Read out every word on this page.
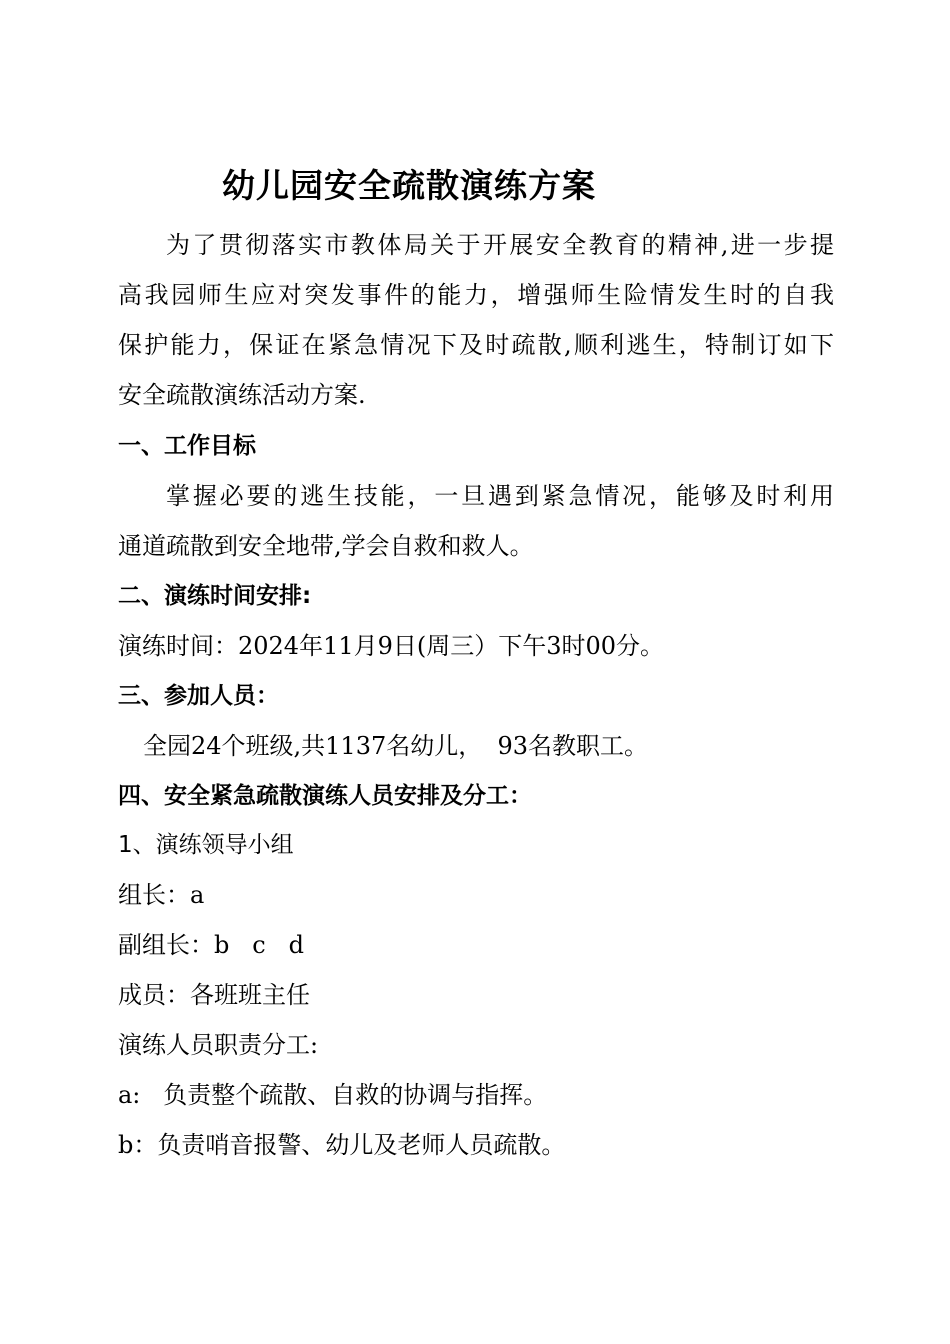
幼儿园安全疏散演练方案
为了贯彻落实市教体局关于开展安全教育的精神,进一步提
高我园师生应对突发事件的能力，增强师生险情发生时的自我
保护能力，保证在紧急情况下及时疏散,顺利逃生，特制订如下
安全疏散演练活动方案.
一、工作目标
掌握必要的逃生技能，一旦遇到紧急情况，能够及时利用
通道疏散到安全地带,学会自救和救人。
二、演练时间安排:
演练时间：2024年11月9日(周三）下午3时00分。
三、参加人员：
全园24个班级,共1137名幼儿，  93名教职工。
四、安全紧急疏散演练人员安排及分工：
1、演练领导小组
组长：a
副组长：b   c   d
成员：各班班主任
演练人员职责分工:
a:   负责整个疏散、自救的协调与指挥。
b：负责哨音报警、幼儿及老师人员疏散。
